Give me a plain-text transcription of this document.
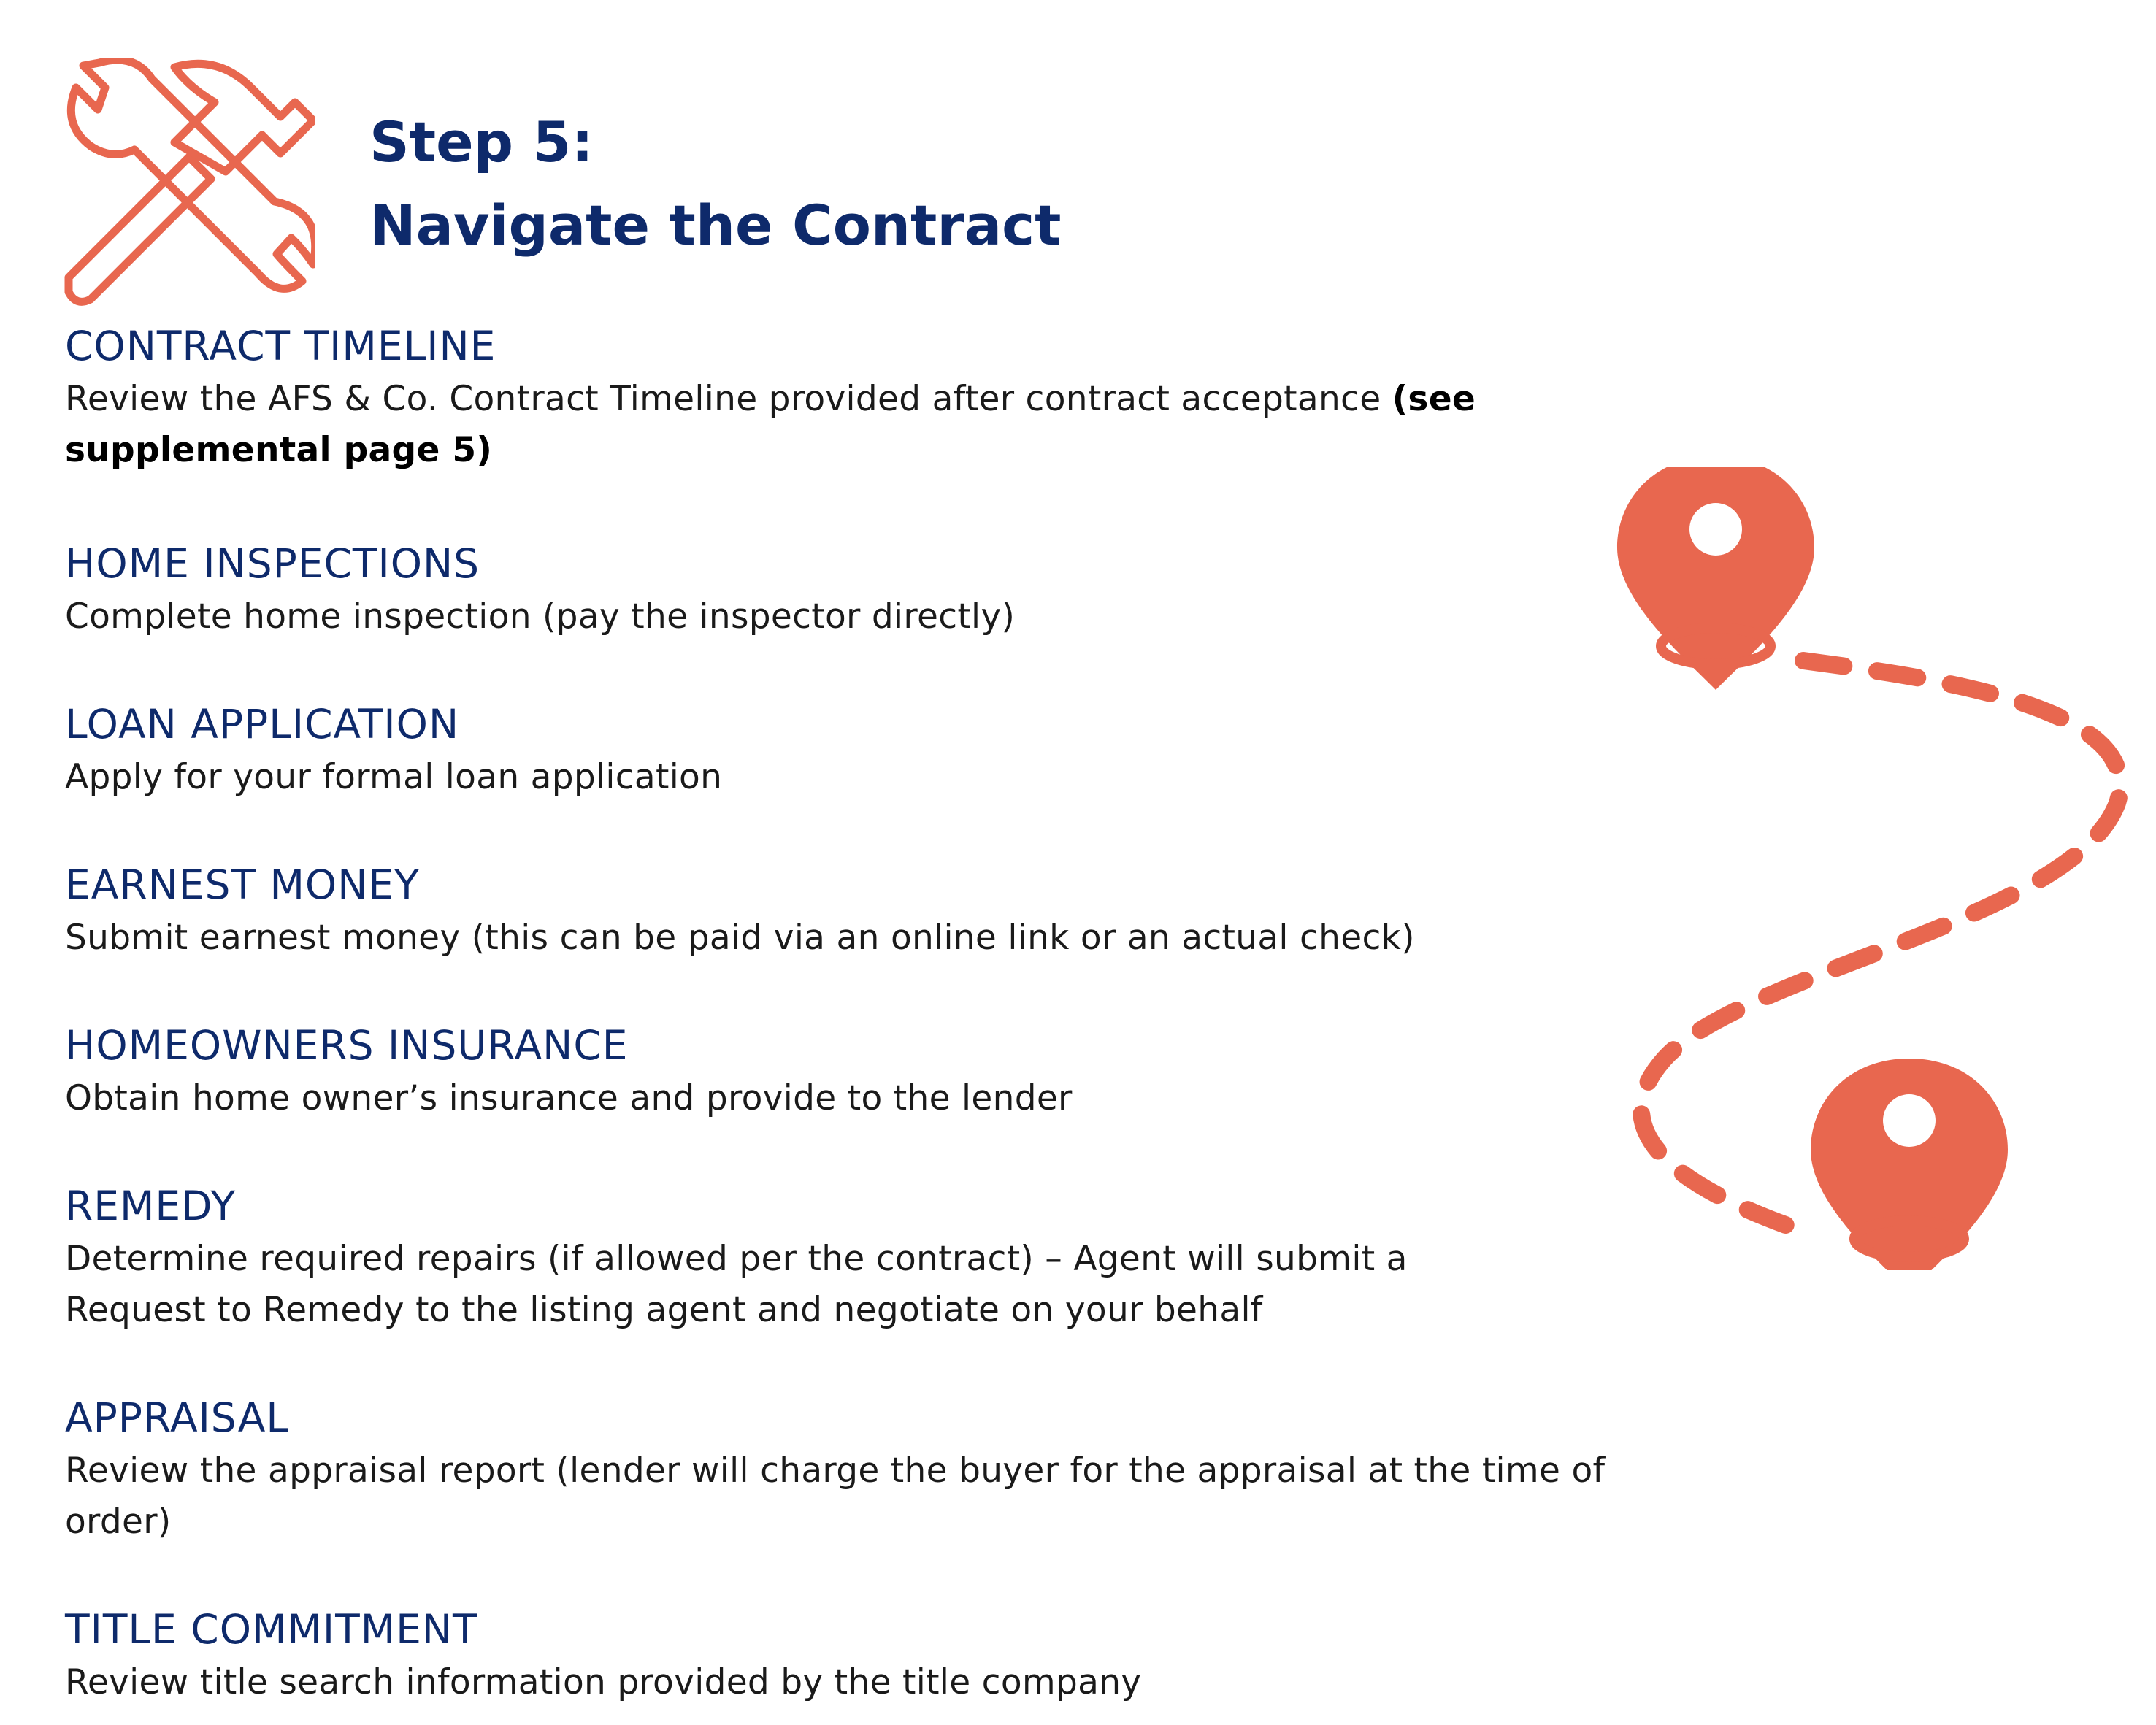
Step 5:
Navigate the Contract
CONTRACT TIMELINE
Review the AFS & Co. Contract Timeline provided after contract acceptance (see supplemental page 5)
HOME INSPECTIONS
Complete home inspection (pay the inspector directly)
LOAN APPLICATION
Apply for your formal loan application
EARNEST MONEY
Submit earnest money (this can be paid via an online link or an actual check)
HOMEOWNERS INSURANCE
Obtain home owner’s insurance and provide to the lender
REMEDY
Determine required repairs (if allowed per the contract) – Agent will submit a Request to Remedy to the listing agent and negotiate on your behalf
APPRAISAL
Review the appraisal report (lender will charge the buyer for the appraisal at the time of order)
TITLE COMMITMENT
Review title search information provided by the title company
